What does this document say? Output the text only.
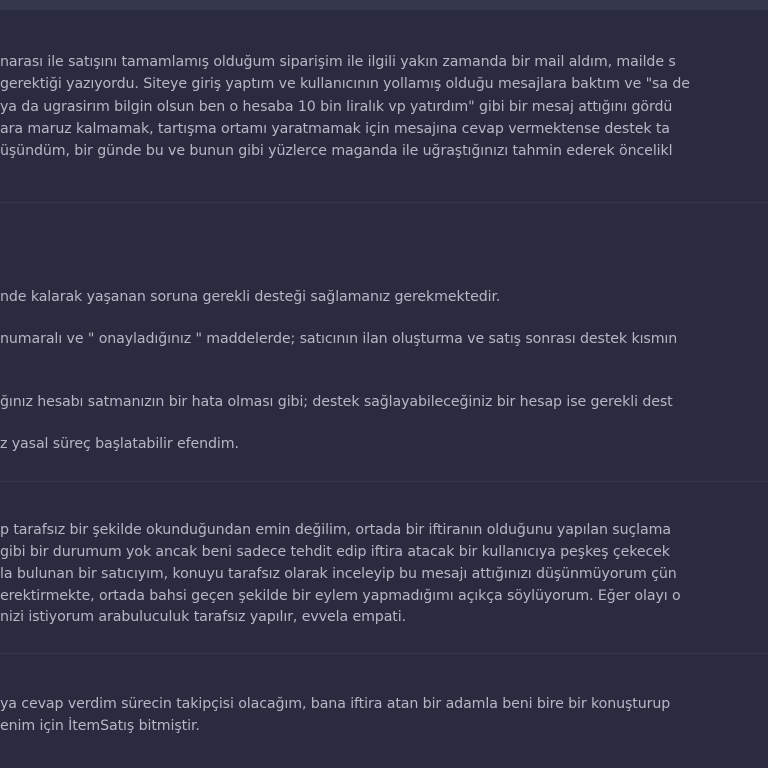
narası ile satışını tamamlamış olduğum siparişim ile ilgili yakın zamanda bir mail aldım, mailde s
gerektiği yazıyordu. Siteye giriş yaptım ve kullanıcının yollamış olduğu mesajlara baktım ve "sa de
ya da ugrasirım bilgin olsun ben o hesaba 10 bin liralık vp yatırdım" gibi bir mesaj attığını gördü
ara maruz kalmamak, tartışma ortamı yaratmamak için mesajına cevap vermektense destek ta
üşündüm, bir günde bu ve bunun gibi yüzlerce maganda ile uğraştığınızı tahmin ederek öncelikl
nde kalarak yaşanan soruna gerekli desteği sağlamanız gerekmektedir.
numaralı ve " onayladığınız " maddelerde; satıcının ilan oluşturma ve satış sonrası destek kısmın
ğınız hesabı satmanızın bir hata olması gibi; destek sağlayabileceğiniz bir hesap ise gerekli dest
z yasal süreç başlatabilir efendim.
p tarafsız bir şekilde okunduğundan emin değilim, ortada bir iftiranın olduğunu yapılan suçlama
gibi bir durumum yok ancak beni sadece tehdit edip iftira atacak bir kullanıcıya peşkeş çekecek
la bulunan bir satıcıyım, konuyu tarafsız olarak inceleyip bu mesajı attığınızı düşünmüyorum çün
erektirmekte, ortada bahsi geçen şekilde bir eylem yapmadığımı açıkça söylüyorum. Eğer olayı o
nizi istiyorum arabuluculuk tarafsız yapılır, evvela empati.
ya cevap verdim sürecin takipçisi olacağım, bana iftira atan bir adamla beni bire bir konuşturup
enim için İtemSatış bitmiştir.
